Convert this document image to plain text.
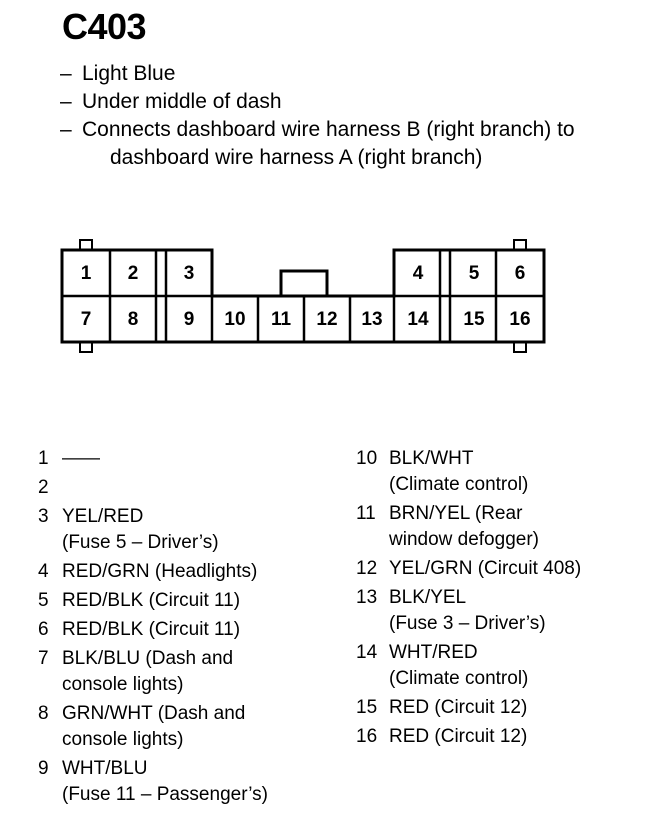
C403
– Light Blue
– Under middle of dash
– Connects dashboard wire harness B (right branch) to dashboard wire harness A (right branch)
1 2 3	4 5 6
7 8 9 10 11 12 13 14 15 16
1 ——
2

3 YEL/RED
(Fuse 5 – Driver’s)
4 RED/GRN (Headlights)
5 RED/BLK (Circuit 11)
6 RED/BLK (Circuit 11)
7 BLK/BLU (Dash and
console lights)
8 GRN/WHT (Dash and
console lights)
9 WHT/BLU
(Fuse 11 – Passenger’s)
10 BLK/WHT
(Climate control)
11 BRN/YEL (Rear
window defogger)
12 YEL/GRN (Circuit 408)
13 BLK/YEL
(Fuse 3 – Driver’s)
14 WHT/RED
(Climate control)
15 RED (Circuit 12)
16 RED (Circuit 12)
